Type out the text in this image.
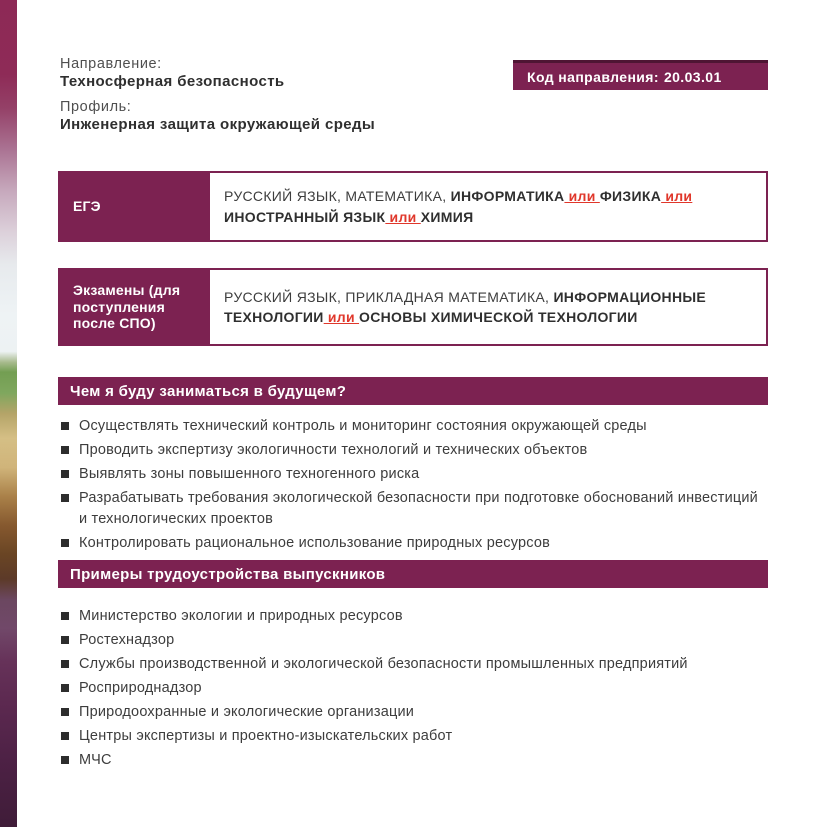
Направление:
Техносферная безопасность
Профиль:
Инженерная защита окружающей среды
Код направления: 20.03.01
ЕГЭ
РУССКИЙ ЯЗЫК, МАТЕМАТИКА, ИНФОРМАТИКА или ФИЗИКА или ИНОСТРАННЫЙ ЯЗЫК или ХИМИЯ
Экзамены (для поступления после СПО)
РУССКИЙ ЯЗЫК, ПРИКЛАДНАЯ МАТЕМАТИКА, ИНФОРМАЦИОННЫЕ ТЕХНОЛОГИИ или ОСНОВЫ ХИМИЧЕСКОЙ ТЕХНОЛОГИИ
Чем я буду заниматься в будущем?
Осуществлять технический контроль и мониторинг состояния окружающей среды
Проводить экспертизу экологичности технологий и технических объектов
Выявлять зоны повышенного техногенного риска
Разрабатывать требования экологической безопасности при подготовке обоснований инвестиций и технологических проектов
Контролировать рациональное использование природных ресурсов
Примеры трудоустройства выпускников
Министерство экологии и природных ресурсов
Ростехнадзор
Службы производственной и экологической безопасности промышленных предприятий
Росприроднадзор
Природоохранные и экологические организации
Центры экспертизы и проектно-изыскательских работ
МЧС
